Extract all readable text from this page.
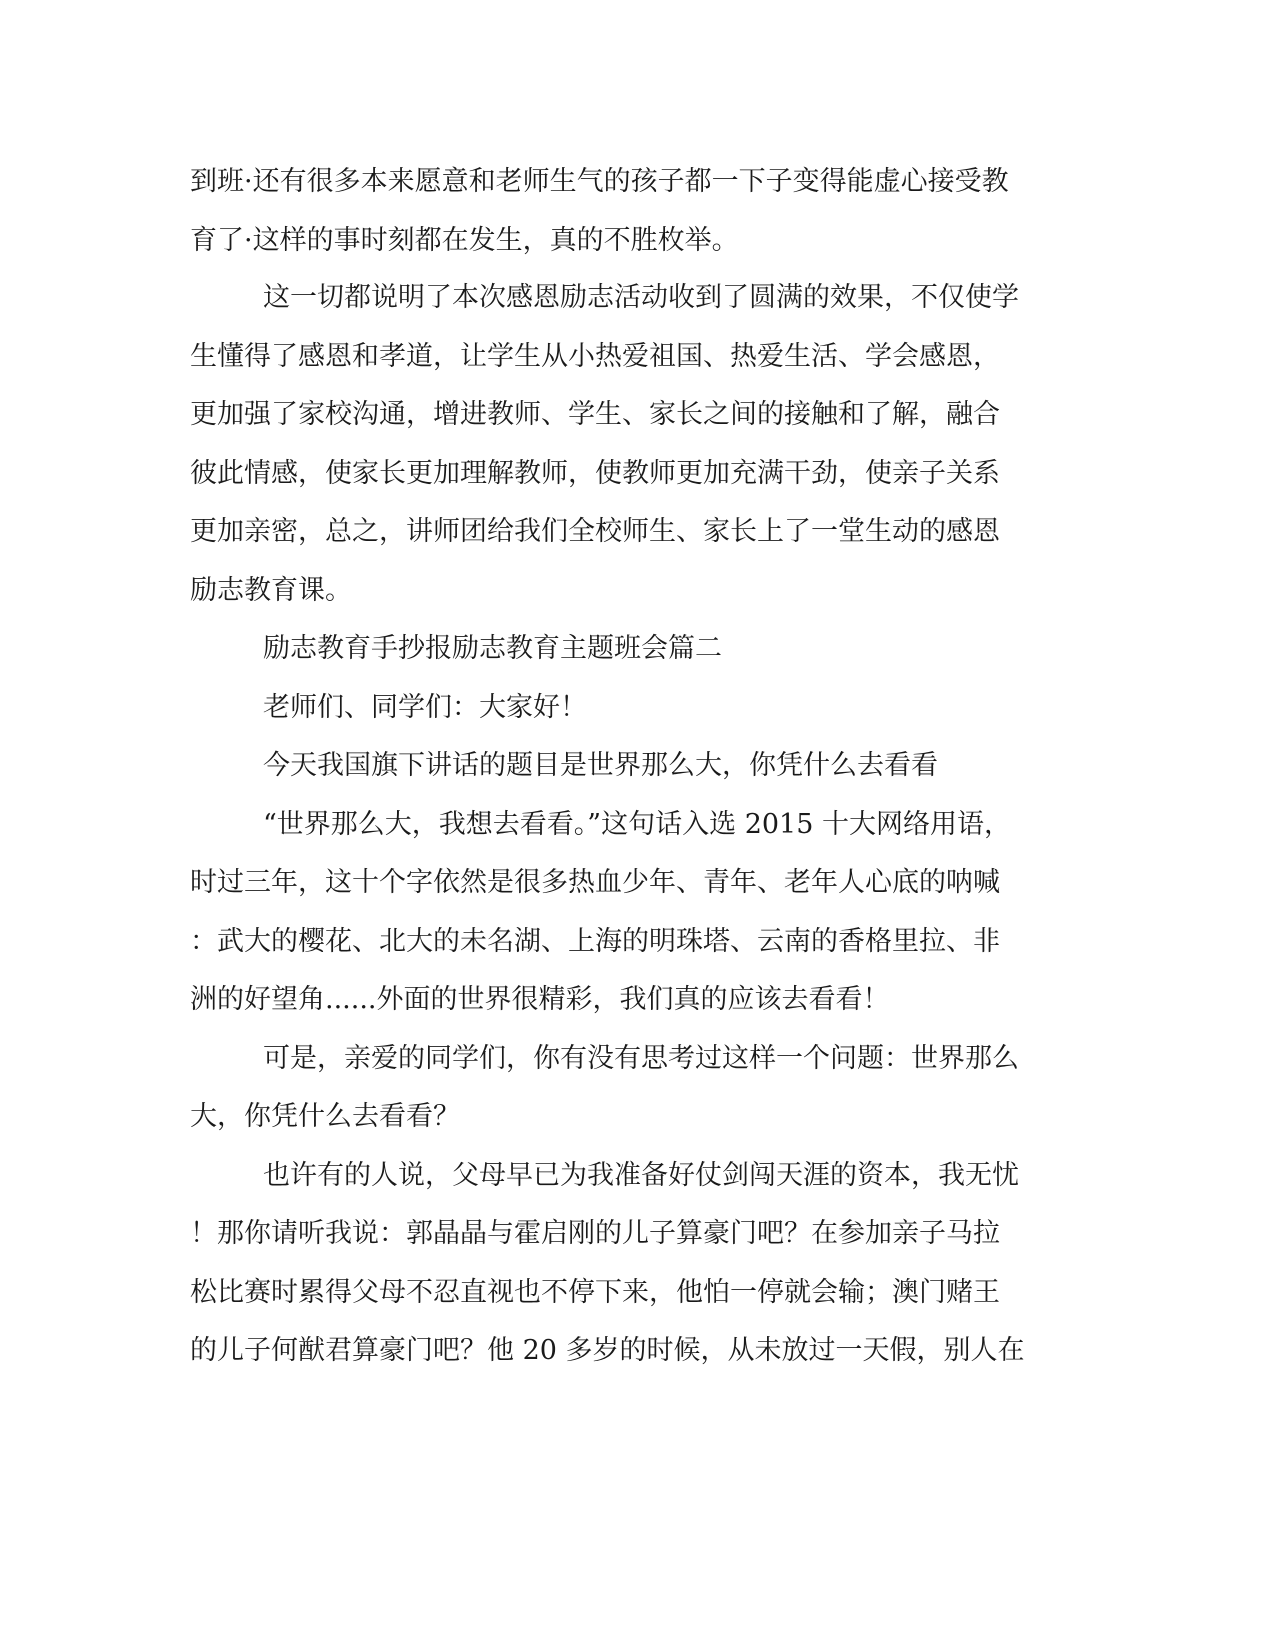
到班·还有很多本来愿意和老师生气的孩子都一下子变得能虚心接受教
育了·这样的事时刻都在发生，真的不胜枚举。
这一切都说明了本次感恩励志活动收到了圆满的效果，不仅使学
生懂得了感恩和孝道，让学生从小热爱祖国、热爱生活、学会感恩，
更加强了家校沟通，增进教师、学生、家长之间的接触和了解，融合
彼此情感，使家长更加理解教师，使教师更加充满干劲，使亲子关系
更加亲密，总之，讲师团给我们全校师生、家长上了一堂生动的感恩
励志教育课。
励志教育手抄报励志教育主题班会篇二
老师们、同学们：大家好！
今天我国旗下讲话的题目是世界那么大，你凭什么去看看
“世界那么大，我想去看看。”这句话入选 2015 十大网络用语，
时过三年，这十个字依然是很多热血少年、青年、老年人心底的呐喊
：武大的樱花、北大的未名湖、上海的明珠塔、云南的香格里拉、非
洲的好望角......外面的世界很精彩，我们真的应该去看看！
可是，亲爱的同学们，你有没有思考过这样一个问题：世界那么
大，你凭什么去看看？
也许有的人说，父母早已为我准备好仗剑闯天涯的资本，我无忧
！那你请听我说：郭晶晶与霍启刚的儿子算豪门吧？在参加亲子马拉
松比赛时累得父母不忍直视也不停下来，他怕一停就会输；澳门赌王
的儿子何猷君算豪门吧？他 20 多岁的时候，从未放过一天假，别人在
